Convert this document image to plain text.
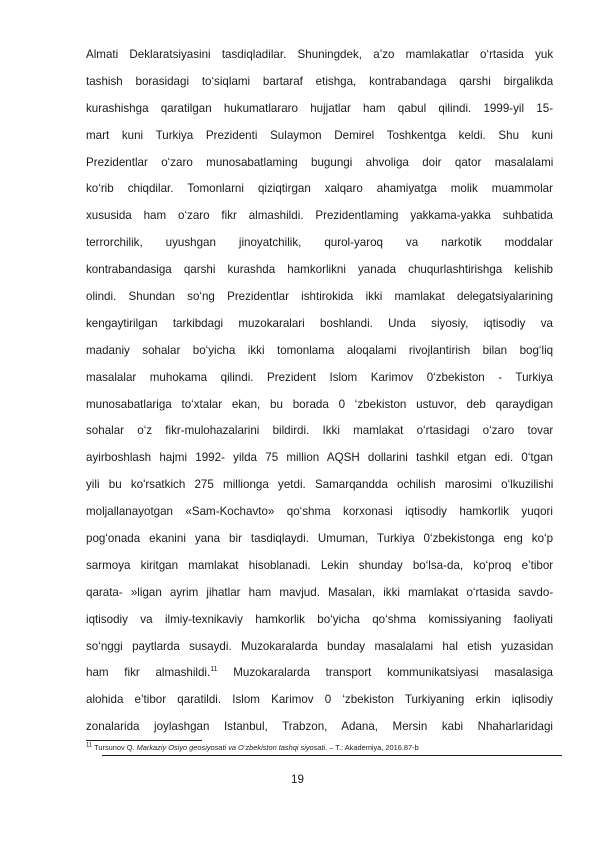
Almati Deklaratsiyasini tasdiqladilar. Shuningdek, a’zo mamlakatlar o‘rtasida yuk
tashish borasidagi to‘siqlami bartaraf etishga, kontrabandaga qarshi birgalikda
kurashishga qaratilgan hukumatlararo hujjatlar ham qabul qilindi. 1999-yil 15-
mart kuni Turkiya Prezidenti Sulaymon Demirel Toshkentga keldi. Shu kuni
Prezidentlar o‘zaro munosabatlaming bugungi ahvoliga doir qator masalalami
ko‘rib chiqdilar. Tomonlarni qiziqtirgan xalqaro ahamiyatga molik muammolar
xususida ham o‘zaro fikr almashildi. Prezidentlaming yakkama-yakka suhbatida
terrorchilik, uyushgan jinoyatchilik, qurol-yaroq va narkotik moddalar
kontrabandasiga qarshi kurashda hamkorlikni yanada chuqurlashtirishga kelishib
olindi. Shundan so‘ng Prezidentlar ishtirokida ikki mamlakat delegatsiyalarining
kengaytirilgan tarkibdagi muzokaralari boshlandi. Unda siyosiy, iqtisodiy va
madaniy sohalar bo‘yicha ikki tomonlama aloqalami rivojlantirish bilan bog‘liq
masalalar muhokama qilindi. Prezident Islom Karimov 0‘zbekiston - Turkiya
munosabatlariga to‘xtalar ekan, bu borada 0 ‘zbekiston ustuvor, deb qaraydigan
sohalar o‘z fikr-mulohazalarini bildirdi. Ikki mamlakat o‘rtasidagi o‘zaro tovar
ayirboshlash hajmi 1992- yilda 75 million AQSH dollarini tashkil etgan edi. 0‘tgan
yili bu ko'rsatkich 275 millionga yetdi. Samarqandda ochilish marosimi o‘lkuzilishi
moljallanayotgan «Sam-Kochavto» qo‘shma korxonasi iqtisodiy hamkorlik yuqori
pog‘onada ekanini yana bir tasdiqlaydi. Umuman, Turkiya 0‘zbekistonga eng ko‘p
sarmoya kiritgan mamlakat hisoblanadi. Lekin shunday bo‘lsa-da, ko‘proq e’tibor
qarata- »ligan ayrim jihatlar ham mavjud. Masalan, ikki mamlakat o‘rtasida savdo-
iqtisodiy va ilmiy-texnikaviy hamkorlik bo‘yicha qo‘shma komissiyaning faoliyati
so‘nggi paytlarda susaydi. Muzokaralarda bunday masalalami hal etish yuzasidan
ham fikr almashildi.$^{11}$ Muzokaralarda transport kommunikatsiyasi masalasiga
alohida e’tibor qaratildi. Islom Karimov 0 ‘zbekiston Turkiyaning erkin iqlisodiy
zonalarida joylashgan Istanbul, Trabzon, Adana, Mersin kabi Nhaharlaridagi
$^{11}$ Tursunov Q. Markaziy Osiyo geosiyosati va O‘zbekiston tashqi siyosati. – T.: Akademiya, 2016.87-b
19
